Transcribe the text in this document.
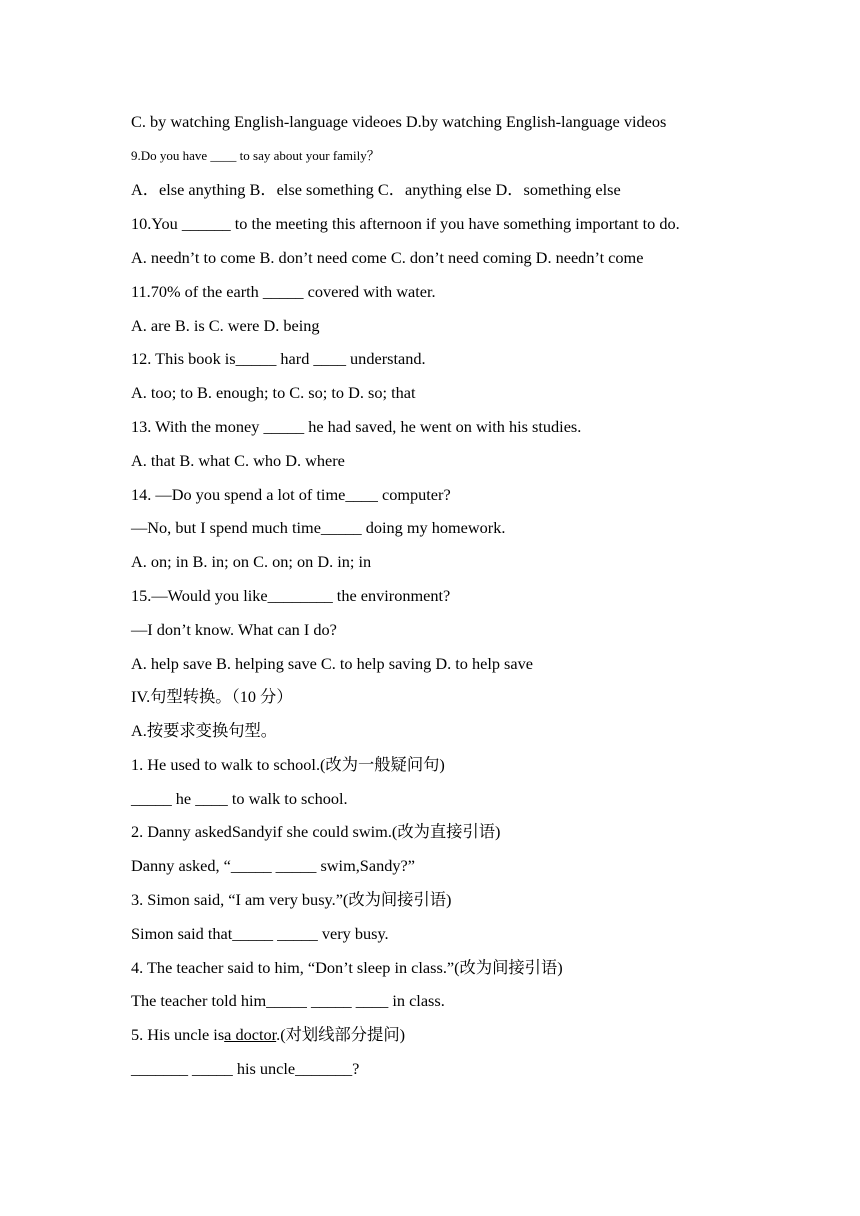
C. by watching English-language videoes D.by watching English-language videos
9.Do you have ____ to say about your family？
A．else anything B．else something C．anything else D．something else
10.You ______ to the meeting this afternoon if you have something important to do.
A. needn’t to come B. don’t need come C. don’t need coming D. needn’t come
11.70% of the earth _____ covered with water.
A. are B. is C. were D. being
12. This book is_____ hard ____ understand.
A. too; to B. enough; to C. so; to D. so; that
13. With the money _____ he had saved, he went on with his studies.
A. that B. what C. who D. where
14. —Do you spend a lot of time____ computer?
—No, but I spend much time_____ doing my homework.
A. on; in B. in; on C. on; on D. in; in
15.—Would you like________ the environment?
—I don’t know. What can I do?
A. help save B. helping save C. to help saving D. to help save
IV.句型转换。（10 分）
A.按要求变换句型。
1. He used to walk to school.(改为一般疑问句)
_____ he ____ to walk to school.
2. Danny askedSandyif she could swim.(改为直接引语)
Danny asked, “_____ _____ swim,Sandy?”
3. Simon said, “I am very busy.”(改为间接引语)
Simon said that_____ _____ very busy.
4. The teacher said to him, “Don’t sleep in class.”(改为间接引语)
The teacher told him_____ _____ ____ in class.
5. His uncle isa doctor.(对划线部分提问)
_______ _____ his uncle_______?
